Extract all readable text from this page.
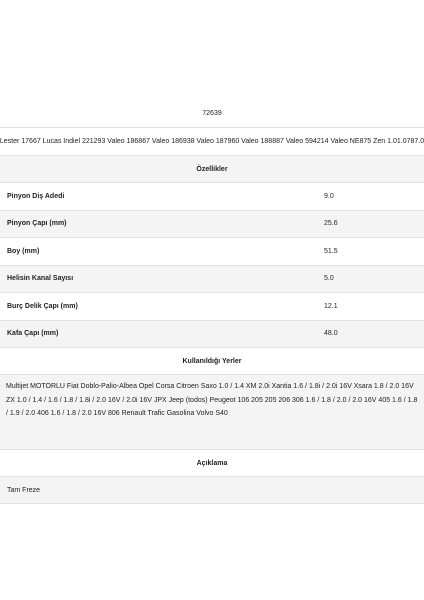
72639
Lester 17667 Lucas Indiel 221293 Valeo 186867 Valeo 186938 Valeo 187960 Valeo 188887 Valeo 594214 Valeo NE875 Zen 1.01.0787.0
Özellikler
Pinyon Diş Adedi	9.0
Pinyon Çapı (mm)	25.6
Boy (mm)	51.5
Helisin Kanal Sayısı	5.0
Burç Delik Çapı (mm)	12.1
Kafa Çapı (mm)	48.0
Kullanıldığı Yerler
Multijet MOTORLU Fiat Doblo-Palio-Albea Opel Corsa Citroen Saxo 1.0 / 1.4 XM 2.0i Xantia 1.6 / 1.8i / 2.0i 16V Xsara 1.8 / 2.0 16V ZX 1.0 / 1.4 / 1.6 / 1.8 / 1.8i / 2.0 16V / 2.0i 16V JPX Jeep (todos) Peugeot 106 205 205 206 306 1.6 / 1.8 / 2.0 / 2.0 16V 405 1.6 / 1.8 / 1.9 / 2.0 406 1.6 / 1.8 / 2.0 16V 806 Renault Trafic Gasolina Volvo S40
Açıklama
Tam Freze
